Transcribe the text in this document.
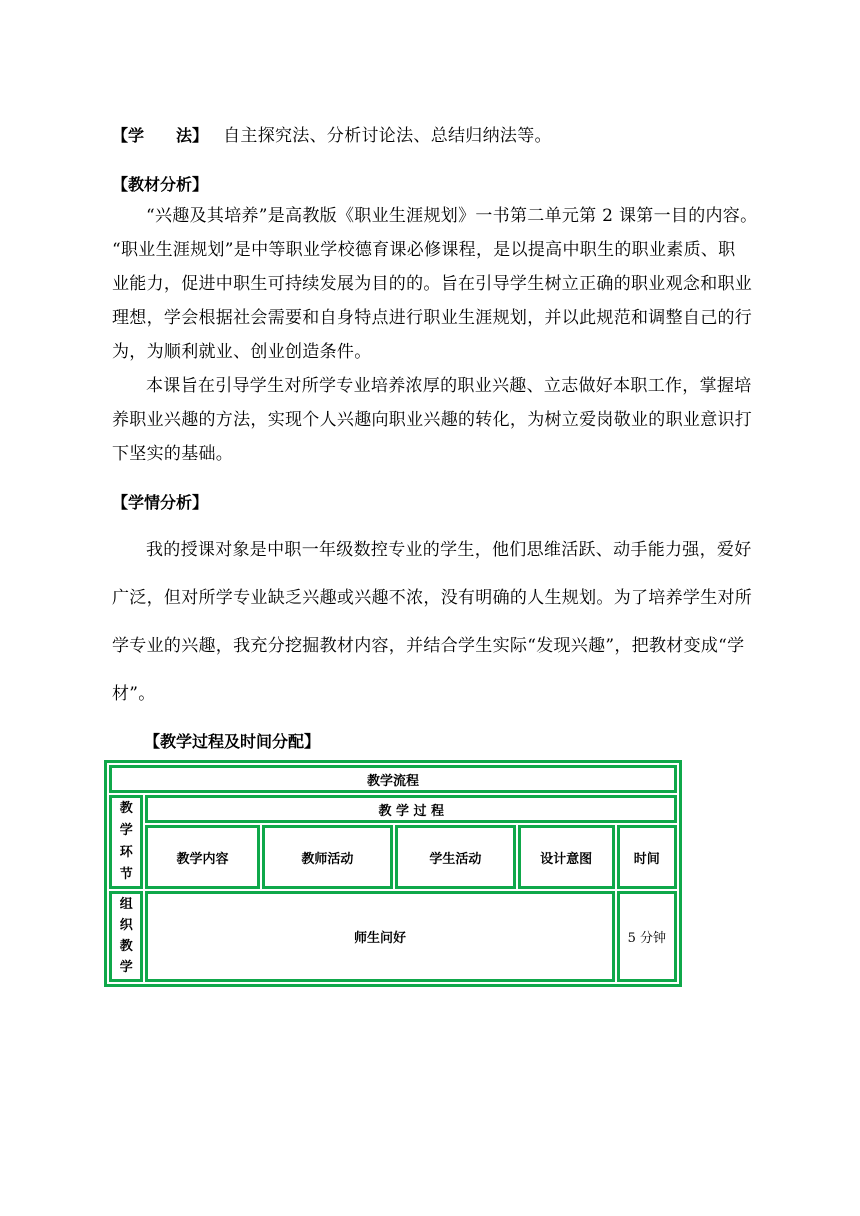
【学　　法】 自主探究法、分析讨论法、总结归纳法等。
【教材分析】
“兴趣及其培养”是高教版《职业生涯规划》一书第二单元第 2 课第一目的内容。
“职业生涯规划”是中等职业学校德育课必修课程，是以提高中职生的职业素质、职
业能力，促进中职生可持续发展为目的的。旨在引导学生树立正确的职业观念和职业
理想，学会根据社会需要和自身特点进行职业生涯规划，并以此规范和调整自己的行
为，为顺利就业、创业创造条件。
本课旨在引导学生对所学专业培养浓厚的职业兴趣、立志做好本职工作，掌握培
养职业兴趣的方法，实现个人兴趣向职业兴趣的转化，为树立爱岗敬业的职业意识打
下坚实的基础。
【学情分析】
我的授课对象是中职一年级数控专业的学生，他们思维活跃、动手能力强，爱好
广泛，但对所学专业缺乏兴趣或兴趣不浓，没有明确的人生规划。为了培养学生对所
学专业的兴趣，我充分挖掘教材内容，并结合学生实际“发现兴趣”，把教材变成“学
材”。
【教学过程及时间分配】
教学流程					
教学环节	教 学 过 程				
	教学内容	教师活动	学生活动	设计意图	时间
组织教学	师生问好				5 分钟
